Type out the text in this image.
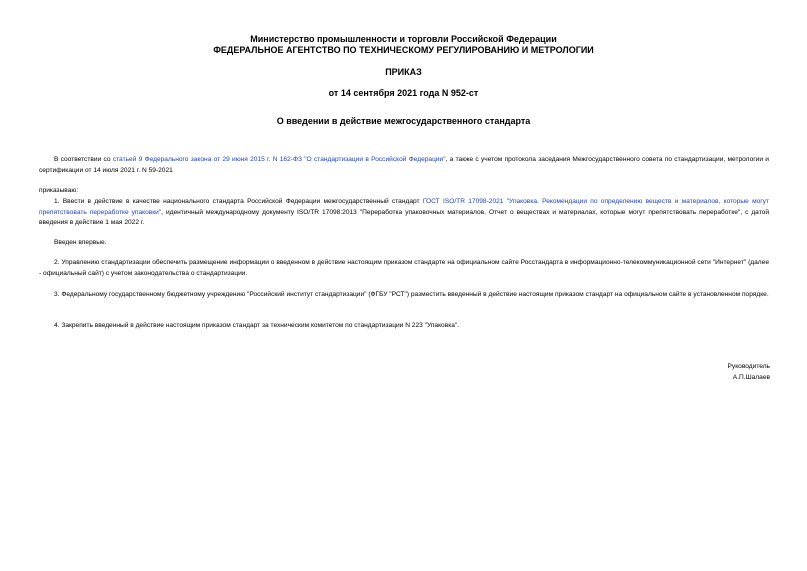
Министерство промышленности и торговли Российской Федерации
ФЕДЕРАЛЬНОЕ АГЕНТСТВО ПО ТЕХНИЧЕСКОМУ РЕГУЛИРОВАНИЮ И МЕТРОЛОГИИ
ПРИКАЗ
от 14 сентября 2021 года N 952-ст
О введении в действие межгосударственного стандарта
В соответствии со статьей 9 Федерального закона от 29 июня 2015 г. N 162-ФЗ "О стандартизации в Российской Федерации", а также с учетом протокола заседания Межгосударственного совета по стандартизации, метрологии и сертификации от 14 июля 2021 г. N 59-2021
приказываю:
1. Ввести в действие в качестве национального стандарта Российской Федерации межгосударственный стандарт ГОСТ ISO/TR 17098-2021 "Упаковка. Рекомендации по определению веществ и материалов, которые могут препятствовать переработке упаковки", идентичный международному документу ISO/TR 17098:2013 "Переработка упаковочных материалов. Отчет о веществах и материалах, которые могут препятствовать переработке", с датой введения в действие 1 мая 2022 г.
Введен впервые.
2. Управлению стандартизации обеспечить размещение информации о введенном в действие настоящим приказом стандарте на официальном сайте Росстандарта в информационно-телекоммуникационной сети "Интернет" (далее - официальный сайт) с учетом законодательства о стандартизации.
3. Федеральному государственному бюджетному учреждению "Российский институт стандартизации" (ФГБУ "РСТ") разместить введенный в действие настоящим приказом стандарт на официальном сайте в установленном порядке.
4. Закрепить введенный в действие настоящим приказом стандарт за техническим комитетом по стандартизации N 223 "Упаковка".
Руководитель
А.П.Шалаев
